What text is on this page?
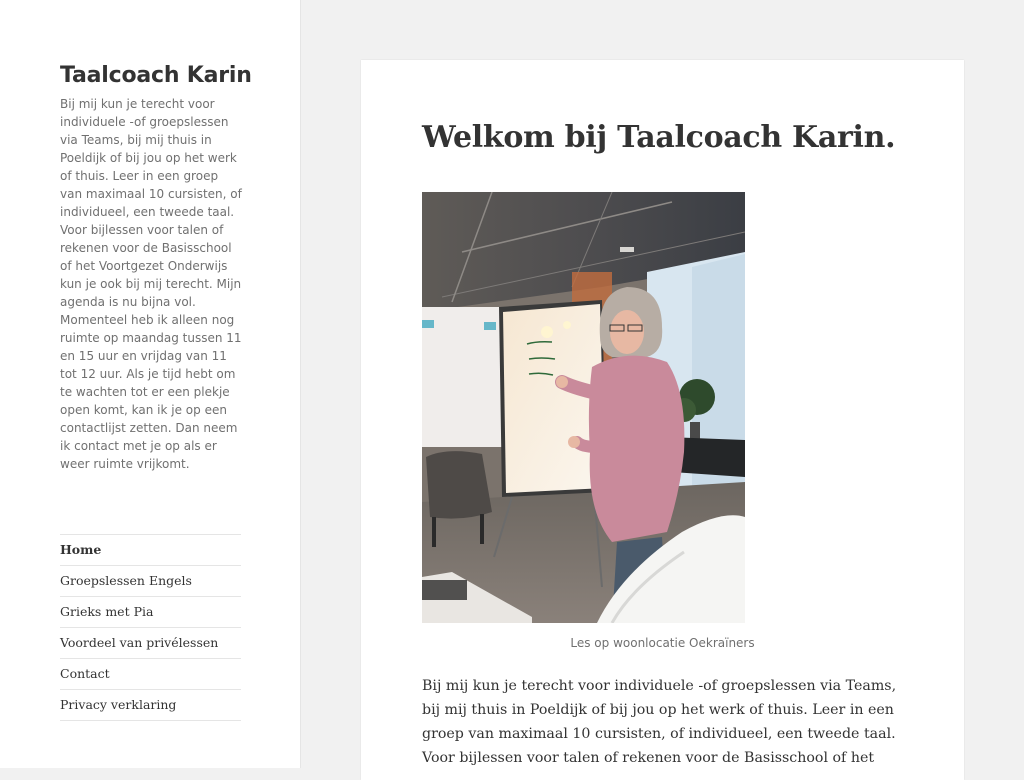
Taalcoach Karin

Bij mij kun je terecht voor individuele -of groepslessen via Teams, bij mij thuis in Poeldijk of bij jou op het werk of thuis. Leer in een groep van maximaal 10 cursisten, of individueel, een tweede taal. Voor bijlessen voor talen of rekenen voor de Basisschool of het Voortgezet Onderwijs kun je ook bij mij terecht. Mijn agenda is nu bijna vol. Momenteel heb ik alleen nog ruimte op maandag tussen 11 en 15 uur en vrijdag van 11 tot 12 uur. Als je tijd hebt om te wachten tot er een plekje open komt, kan ik je op een contactlijst zetten. Dan neem ik contact met je op als er weer ruimte vrijkomt.

Home
Groepslessen Engels
Grieks met Pia
Voordeel van privélessen
Contact
Privacy verklaring
Welkom bij Taalcoach Karin.

Les op woonlocatie Oekraïners

Bij mij kun je terecht voor individuele -of groepslessen via Teams, bij mij thuis in Poeldijk of bij jou op het werk of thuis. Leer in een groep van maximaal 10 cursisten, of individueel, een tweede taal. Voor bijlessen voor talen of rekenen voor de Basisschool of het
